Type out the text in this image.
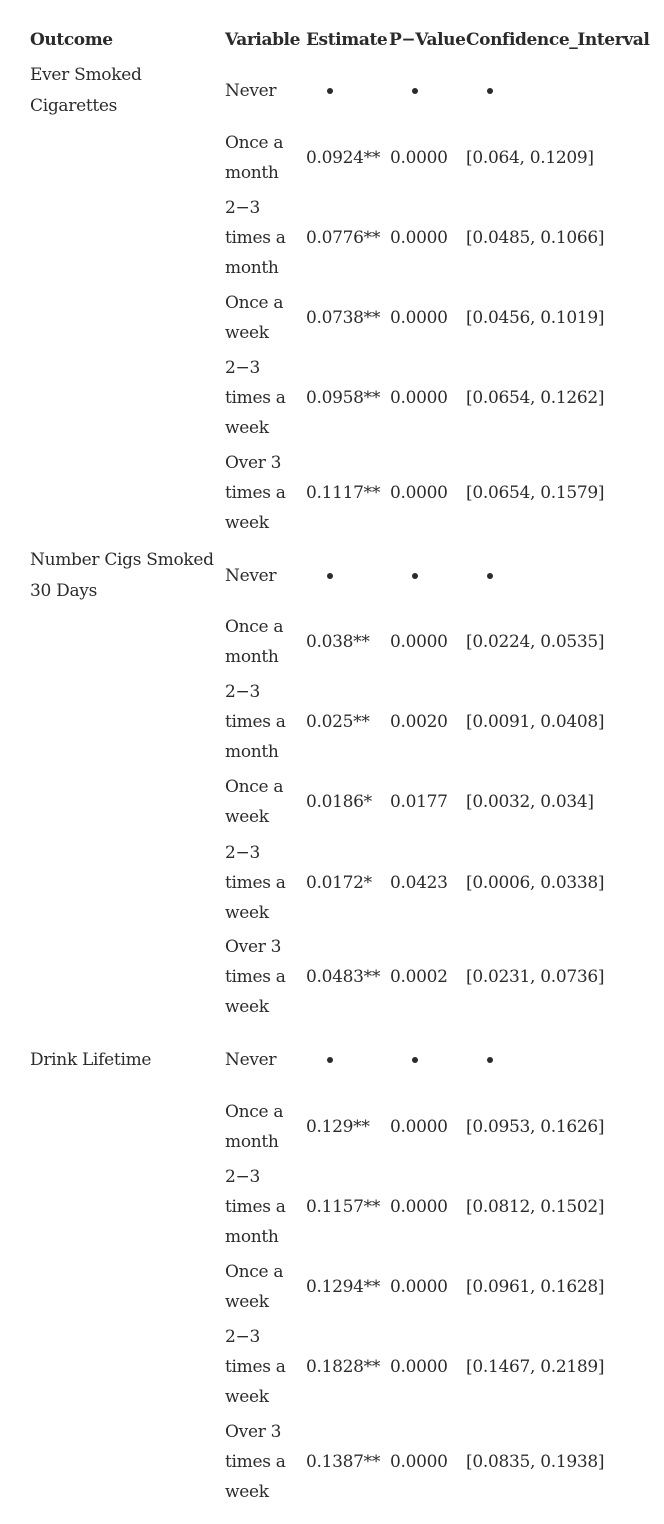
Outcome	Variable Estimate P−Value Confidence_Interval
Ever Smoked Cigarettes
Never
Once a month
0.0924** 0.0000 [0.064, 0.1209]
2−3 times a month
0.0776** 0.0000 [0.0485, 0.1066]
Once a week
0.0738** 0.0000 [0.0456, 0.1019]
2−3 times a week
0.0958** 0.0000 [0.0654, 0.1262]
Over 3 times a week
0.1117** 0.0000 [0.0654, 0.1579]
Number Cigs Smoked 30 Days
Never
Once a month
0.038** 0.0000 [0.0224, 0.0535]
2−3 times a month
0.025** 0.0020 [0.0091, 0.0408]
Once a week
0.0186* 0.0177 [0.0032, 0.034]
2−3 times a week
0.0172* 0.0423 [0.0006, 0.0338]
Over 3 times a week
0.0483** 0.0002 [0.0231, 0.0736]
Drink Lifetime	Never
Once a month
0.129** 0.0000 [0.0953, 0.1626]
2−3 times a month
0.1157** 0.0000 [0.0812, 0.1502]
Once a week
0.1294** 0.0000 [0.0961, 0.1628]
2−3 times a week
0.1828** 0.0000 [0.1467, 0.2189]
Over 3 times a week
0.1387** 0.0000 [0.0835, 0.1938]
